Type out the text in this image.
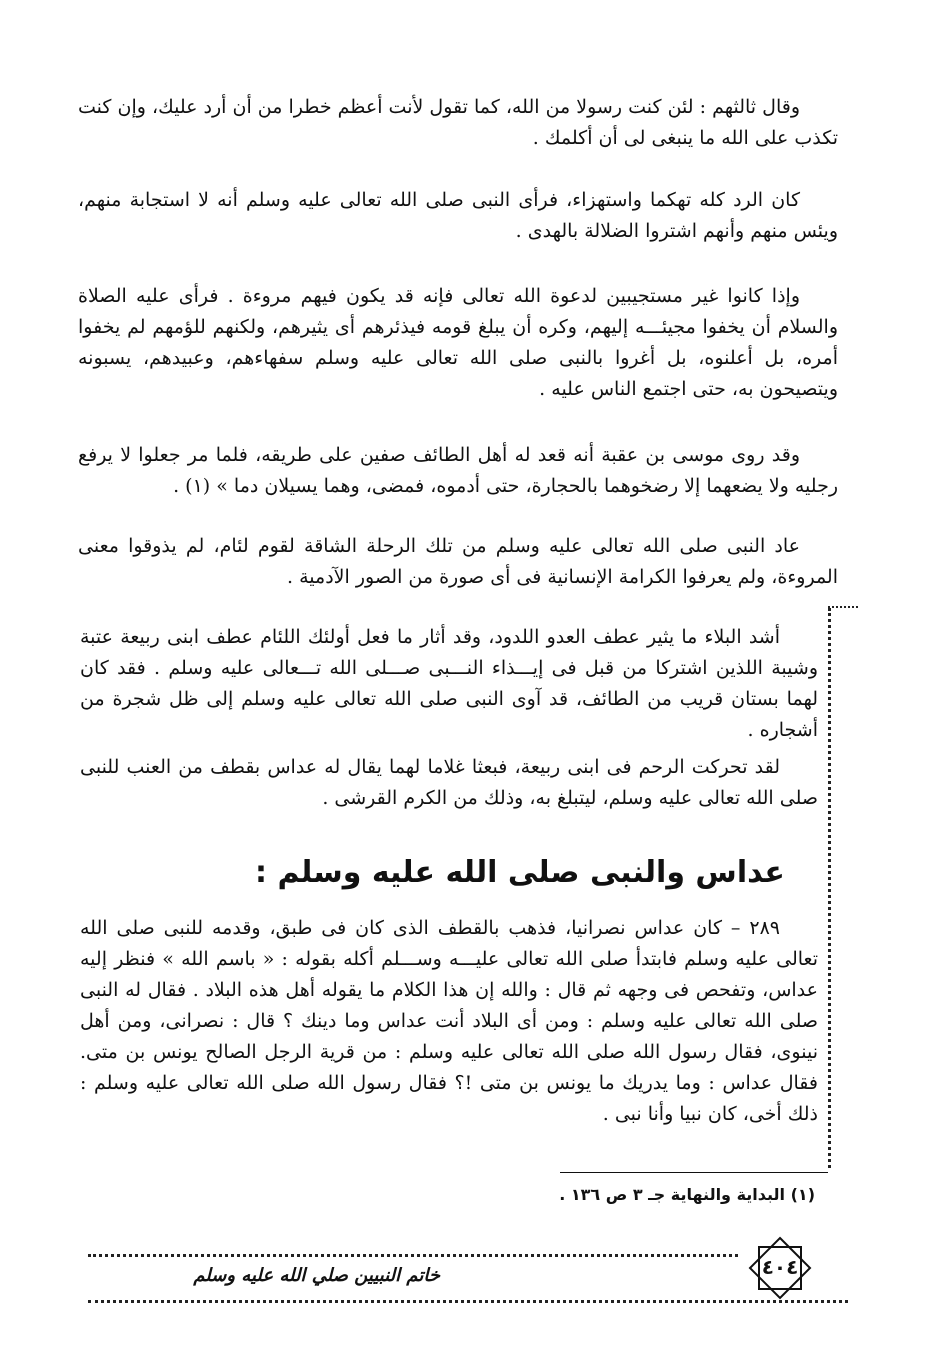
وقال ثالثهم : لئن كنت رسولا من الله، كما تقول لأنت أعظم خطرا من أن أرد عليك، وإن كنت تكذب على الله ما ينبغى لى أن أكلمك .

كان الرد كله تهكما واستهزاء، فرأى النبى صلى الله تعالى عليه وسلم أنه لا استجابة منهم، ويئس منهم وأنهم اشتروا الضلالة بالهدى .

وإذا كانوا غير مستجيبين لدعوة الله تعالى فإنه قد يكون فيهم مروءة . فرأى عليه الصلاة والسلام أن يخفوا مجيئـــه إليهم، وكره أن يبلغ قومه فيذئرهم أى يثيرهم، ولكنهم للؤمهم لم يخفوا أمره، بل أعلنوه، بل أغروا بالنبى صلى الله تعالى عليه وسلم سفهاءهم، وعبيدهم، يسبونه ويتصيحون به، حتى اجتمع الناس عليه .

وقد روى موسى بن عقبة أنه قعد له أهل الطائف صفين على طريقه، فلما مر جعلوا لا يرفع رجليه ولا يضعهما إلا رضخوهما بالحجارة، حتى أدموه، فمضى، وهما يسيلان دما » (١) .

عاد النبى صلى الله تعالى عليه وسلم من تلك الرحلة الشاقة لقوم لئام، لم يذوقوا معنى المروءة، ولم يعرفوا الكرامة الإنسانية فى أى صورة من الصور الآدمية .

أشد البلاء ما يثير عطف العدو اللدود، وقد أثار ما فعل أولئك اللئام عطف ابنى ربيعة عتبة وشيبة اللذين اشتركا من قبل فى إيـــذاء النـــبى صـــلى الله تـــعالى عليه وسلم . فقد كان لهما بستان قريب من الطائف، قد آوى النبى صلى الله تعالى عليه وسلم إلى ظل شجرة من أشجاره .

لقد تحركت الرحم فى ابنى ربيعة، فبعثا غلاما لهما يقال له عداس بقطف من العنب للنبى صلى الله تعالى عليه وسلم، ليتبلغ به، وذلك من الكرم القرشى .

عداس والنبى صلى الله عليه وسلم :

٢٨٩ – كان عداس نصرانيا، فذهب بالقطف الذى كان فى طبق، وقدمه للنبى صلى الله تعالى عليه وسلم فابتدأ صلى الله تعالى عليـــه وســـلم أكله بقوله : « باسم الله » فنظر إليه عداس، وتفحص فى وجهه ثم قال : والله إن هذا الكلام ما يقوله أهل هذه البلاد . فقال له النبى صلى الله تعالى عليه وسلم : ومن أى البلاد أنت عداس وما دينك ؟ قال : نصرانى، ومن أهل نينوى، فقال رسول الله صلى الله تعالى عليه وسلم : من قرية الرجل الصالح يونس بن متى. فقال عداس : وما يدريك ما يونس بن متى !؟ فقال رسول الله صلى الله تعالى عليه وسلم : ذلك أخى، كان نبيا وأنا نبى .

(١) البداية والنهاية جـ ٣ ص ١٣٦ .

٤٠٤

خاتم النبيين صلي الله عليه وسلم
